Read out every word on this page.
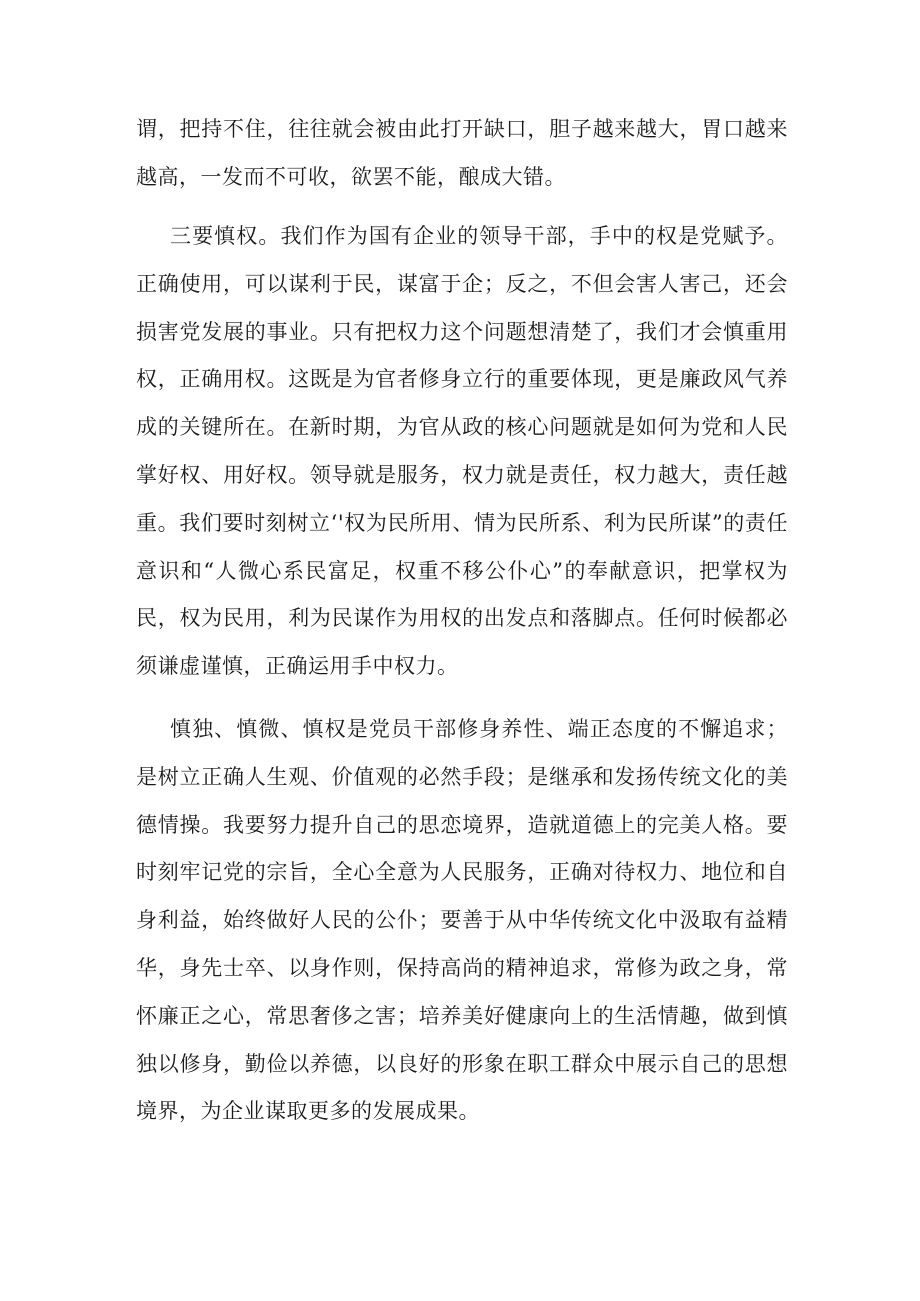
谓，把持不住，往往就会被由此打开缺口，胆子越来越大，胃口越来越高，一发而不可收，欲罢不能，酿成大错。

三要慎权。我们作为国有企业的领导干部，手中的权是党赋予。正确使用，可以谋利于民，谋富于企；反之，不但会害人害己，还会损害党发展的事业。只有把权力这个问题想清楚了，我们才会慎重用权，正确用权。这既是为官者修身立行的重要体现，更是廉政风气养成的关键所在。在新时期，为官从政的核心问题就是如何为党和人民掌好权、用好权。领导就是服务，权力就是责任，权力越大，责任越重。我们要时刻树立‘'权为民所用、情为民所系、利为民所谋”的责任意识和“人微心系民富足，权重不移公仆心”的奉献意识，把掌权为民，权为民用，利为民谋作为用权的出发点和落脚点。任何时候都必须谦虚谨慎，正确运用手中权力。

慎独、慎微、慎权是党员干部修身养性、端正态度的不懈追求；是树立正确人生观、价值观的必然手段；是继承和发扬传统文化的美德情操。我要努力提升自己的思恋境界，造就道德上的完美人格。要时刻牢记党的宗旨，全心全意为人民服务，正确对待权力、地位和自身利益，始终做好人民的公仆；要善于从中华传统文化中汲取有益精华，身先士卒、以身作则，保持高尚的精神追求，常修为政之身，常怀廉正之心，常思奢侈之害；培养美好健康向上的生活情趣，做到慎独以修身，勤俭以养德，以良好的形象在职工群众中展示自己的思想境界，为企业谋取更多的发展成果。
